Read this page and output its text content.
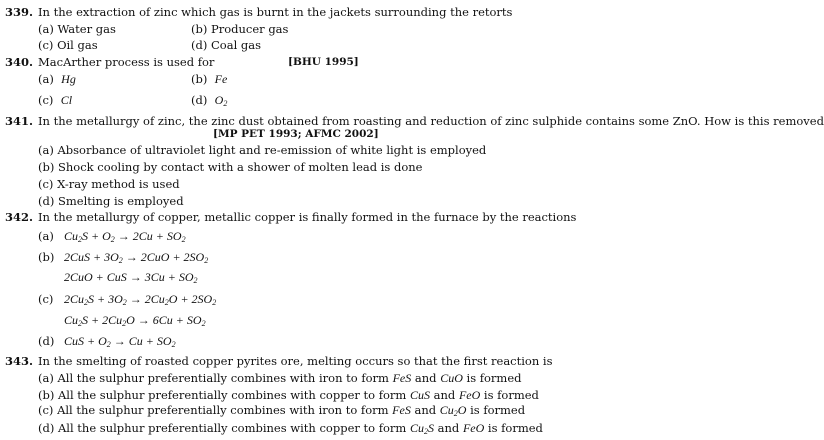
339. In the extraction of zinc which gas is burnt in the jackets surrounding the retorts
(a) Water gas	(b) Producer gas
(c) Oil gas	(d) Coal gas
340. MacArther process is used for	[BHU 1995]
(a) Hg	(b) Fe
(c) Cl	(d) $O_2$
341. In the metallurgy of zinc, the zinc dust obtained from roasting and reduction of zinc sulphide contains some ZnO. How is this removed
[MP PET 1993; AFMC 2002]
(a) Absorbance of ultraviolet light and re-emission of white light is employed
(b) Shock cooling by contact with a shower of molten lead is done
(c) X-ray method is used
(d) Smelting is employed
342. In the metallurgy of copper, metallic copper is finally formed in the furnace by the reactions
(a) $Cu_2S + O_2 \to 2Cu + SO_2$
(b) $2CuS + 3O_2 \to 2CuO + 2SO_2$
2CuO + CuS → $3Cu + SO_2$
(c) $2Cu_2S + 3O_2 \to 2Cu_2O + 2SO_2$
$Cu_2S + 2Cu_2O \to 6Cu + SO_2$
(d) CuS + $O_2 \to Cu + SO_2$
343. In the smelting of roasted copper pyrites ore, melting occurs so that the first reaction is
(a) All the sulphur preferentially combines with iron to form FeS and CuO is formed
(b) All the sulphur preferentially combines with copper to form CuS and FeO is formed
(c) All the sulphur preferentially combines with iron to form FeS and $Cu_2O$ is formed
(d) All the sulphur preferentially combines with copper to form $Cu_2S$ and FeO is formed
